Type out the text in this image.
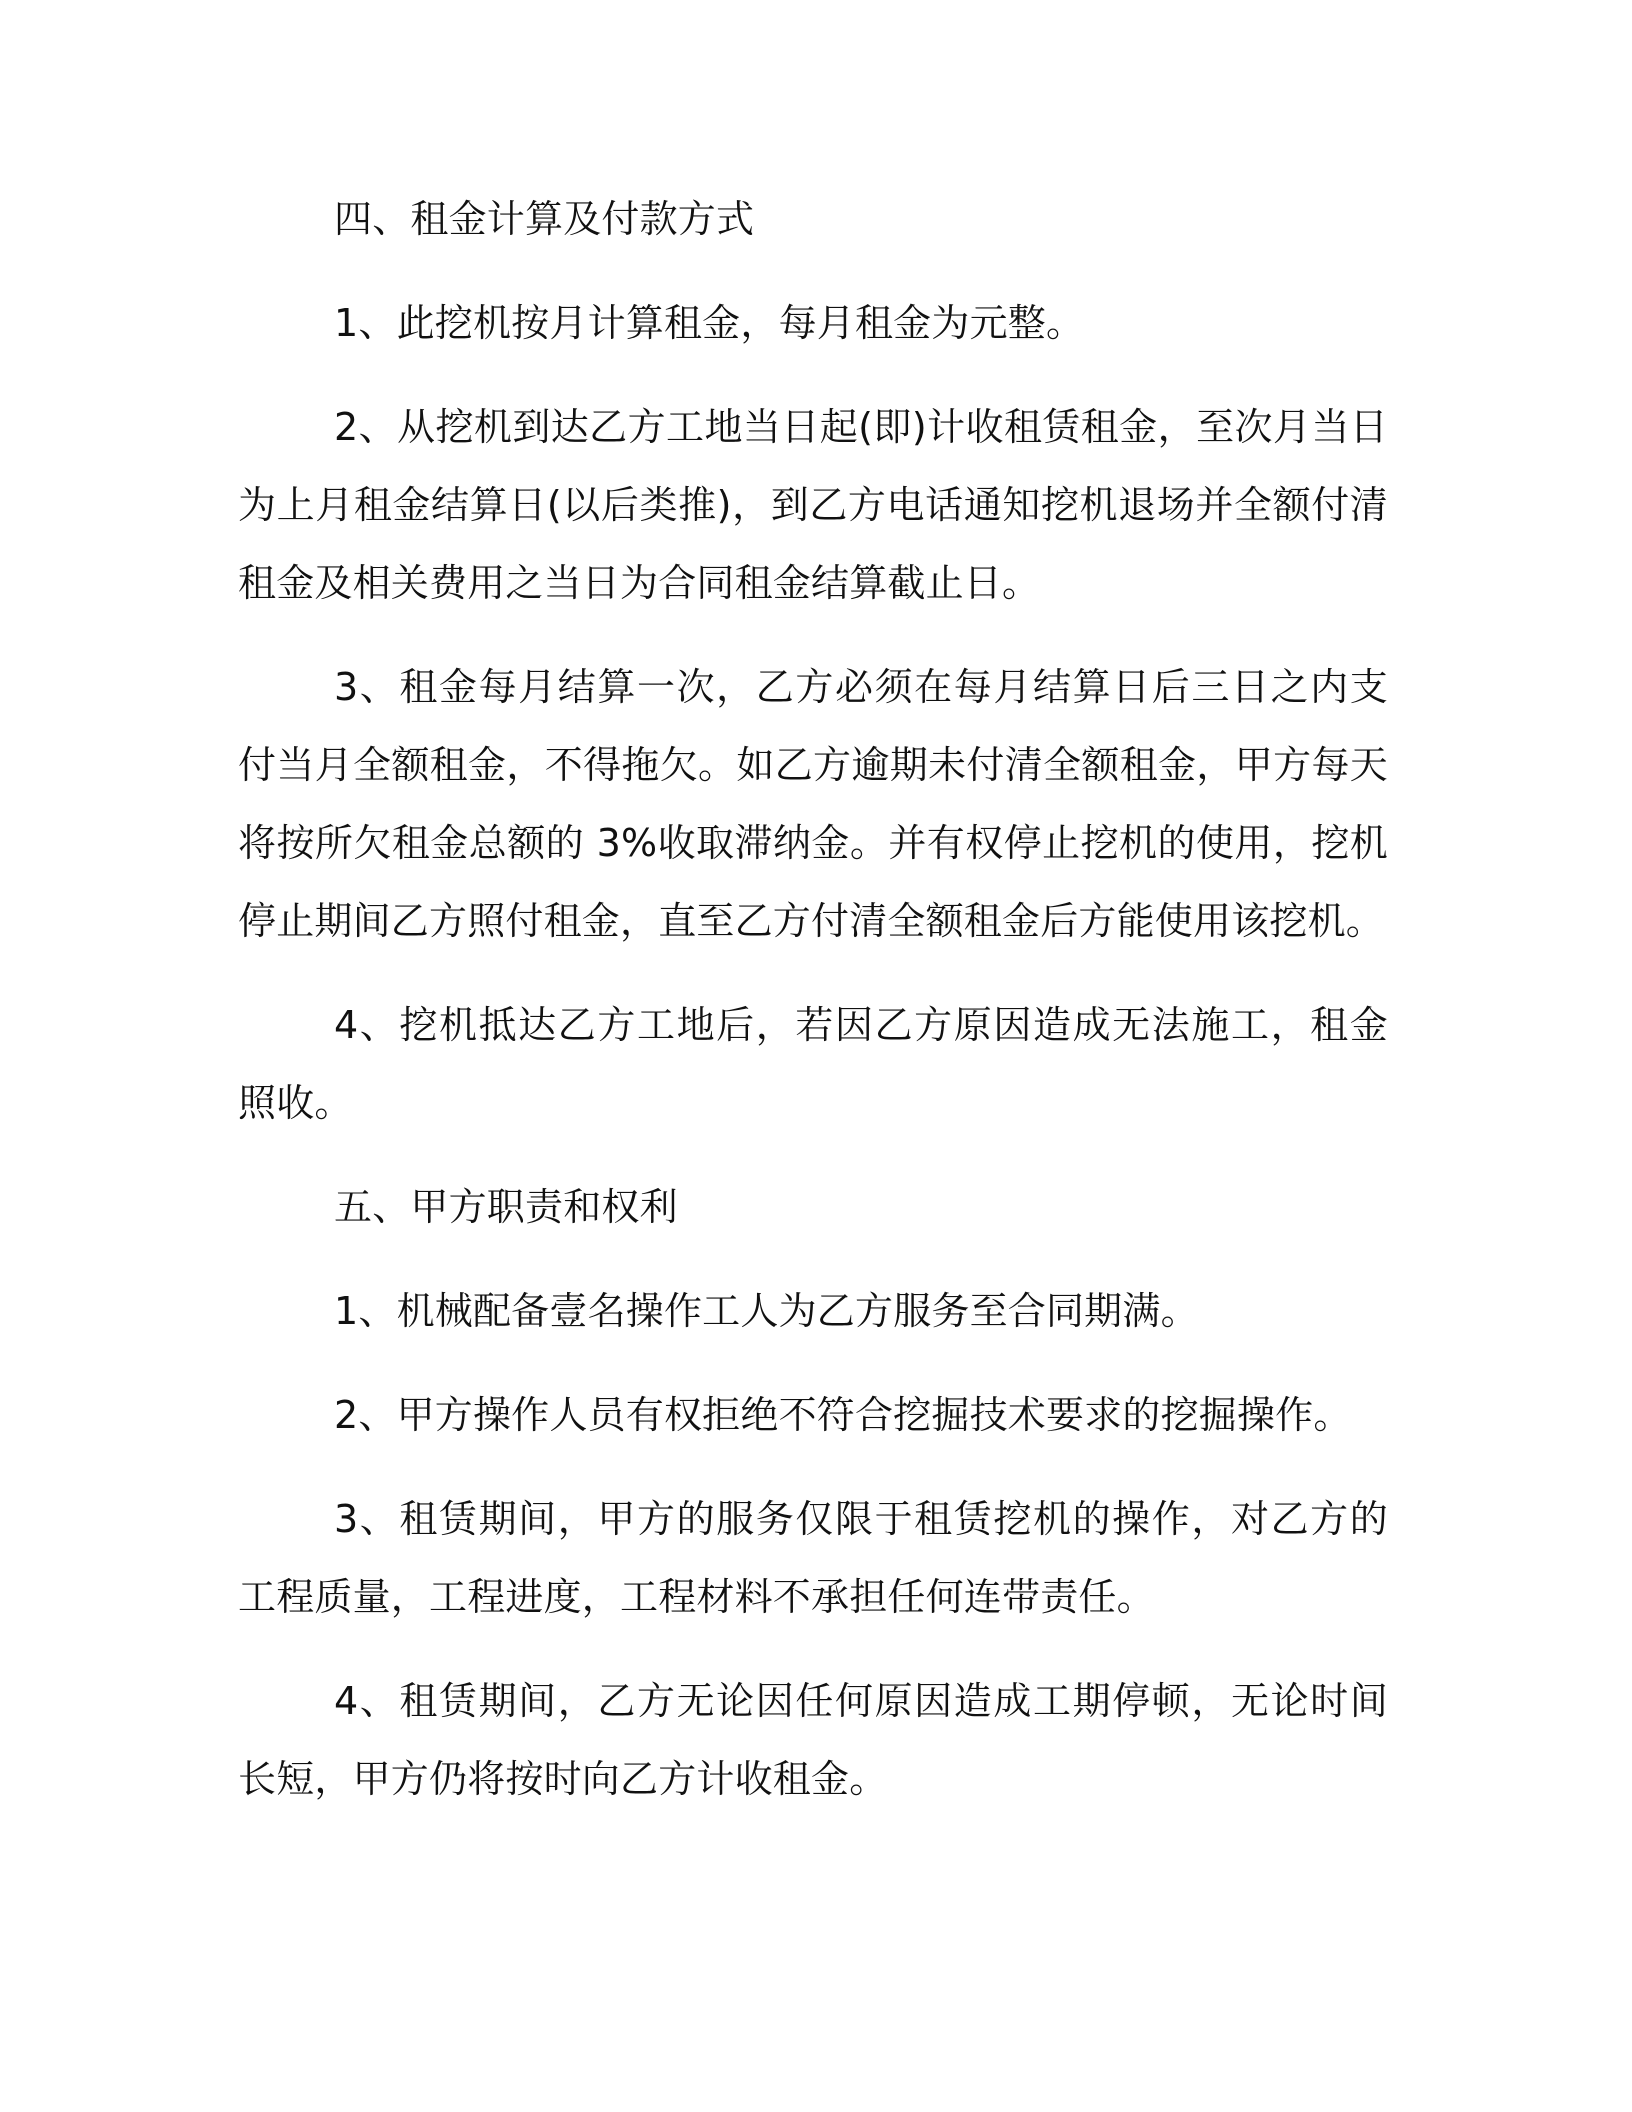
四、租金计算及付款方式

1、此挖机按月计算租金，每月租金为元整。

2、从挖机到达乙方工地当日起(即)计收租赁租金，至次月当日为上月租金结算日(以后类推)，到乙方电话通知挖机退场并全额付清租金及相关费用之当日为合同租金结算截止日。

3、租金每月结算一次，乙方必须在每月结算日后三日之内支付当月全额租金，不得拖欠。如乙方逾期未付清全额租金，甲方每天将按所欠租金总额的 3%收取滞纳金。并有权停止挖机的使用，挖机停止期间乙方照付租金，直至乙方付清全额租金后方能使用该挖机。

4、挖机抵达乙方工地后，若因乙方原因造成无法施工，租金照收。

五、甲方职责和权利

1、机械配备壹名操作工人为乙方服务至合同期满。

2、甲方操作人员有权拒绝不符合挖掘技术要求的挖掘操作。

3、租赁期间，甲方的服务仅限于租赁挖机的操作，对乙方的工程质量，工程进度，工程材料不承担任何连带责任。

4、租赁期间，乙方无论因任何原因造成工期停顿，无论时间长短，甲方仍将按时向乙方计收租金。
